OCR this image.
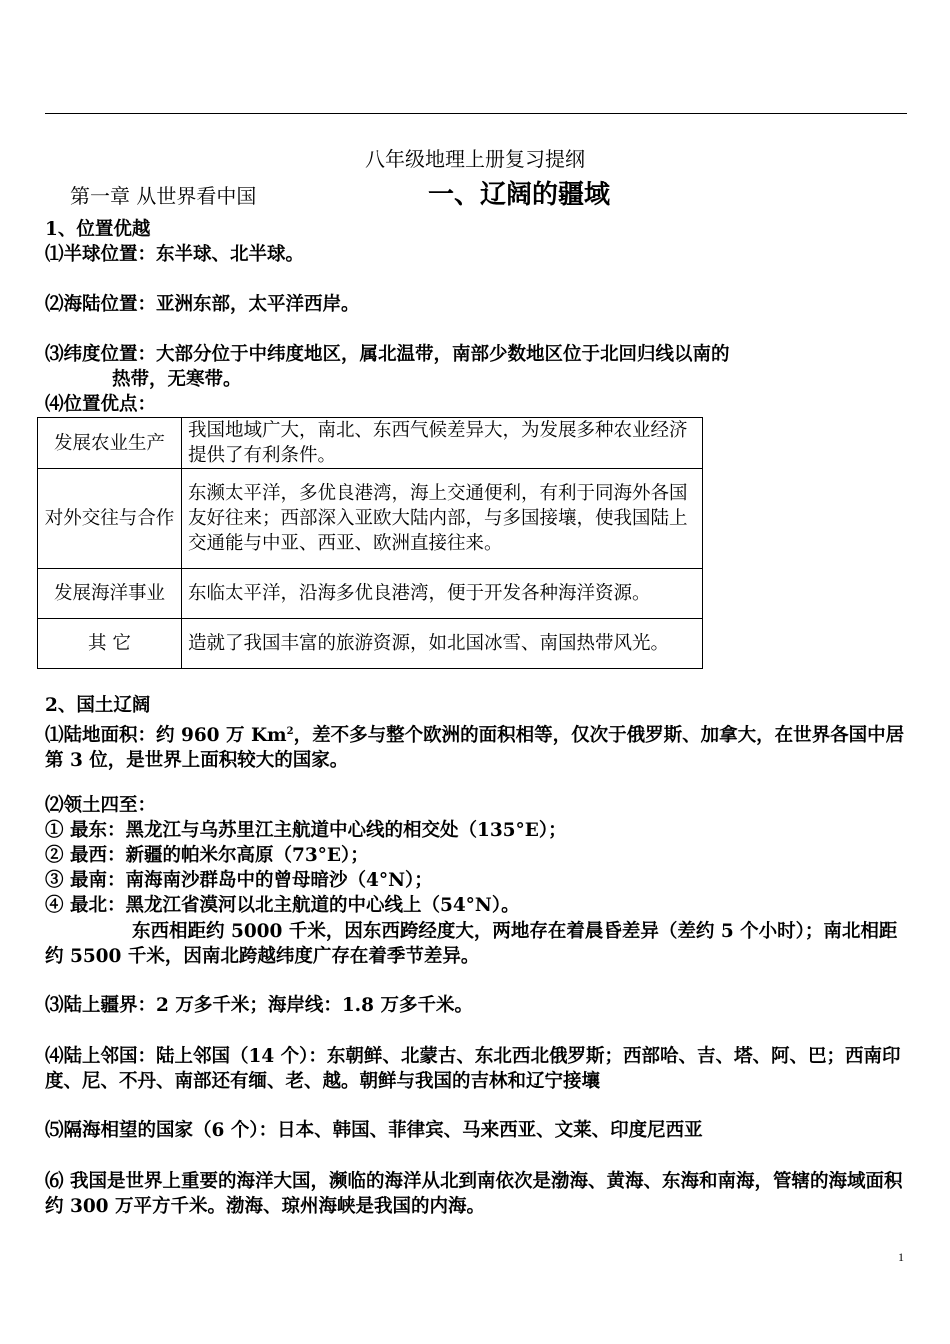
八年级地理上册复习提纲
第一章 从世界看中国	一、辽阔的疆域
1、位置优越
⑴半球位置：东半球、北半球。
⑵海陆位置：亚洲东部，太平洋西岸。
⑶纬度位置：大部分位于中纬度地区，属北温带，南部少数地区位于北回归线以南的
热带，无寒带。
⑷位置优点：
发展农业生产	我国地域广大，南北、东西气候差异大，为发展多种农业经济提供了有利条件。
对外交往与合作	东濒太平洋，多优良港湾，海上交通便利，有利于同海外各国友好往来；西部深入亚欧大陆内部，与多国接壤，使我国陆上交通能与中亚、西亚、欧洲直接往来。
发展海洋事业	东临太平洋，沿海多优良港湾，便于开发各种海洋资源。
其 它	造就了我国丰富的旅游资源，如北国冰雪、南国热带风光。
2、国土辽阔
⑴陆地面积：约 960 万 Km$^2$，差不多与整个欧洲的面积相等，仅次于俄罗斯、加拿大，在世界各国中居第 3 位，是世界上面积较大的国家。
⑵领土四至：
① 最东：黑龙江与乌苏里江主航道中心线的相交处（135°E）；
② 最西：新疆的帕米尔高原（73°E）；
③ 最南：南海南沙群岛中的曾母暗沙（4°N）；
④ 最北：黑龙江省漠河以北主航道的中心线上（54°N）。
东西相距约 5000 千米，因东西跨经度大，两地存在着晨昏差异（差约 5 个小时）；南北相距约 5500 千米，因南北跨越纬度广存在着季节差异。
⑶陆上疆界：2 万多千米；海岸线：1.8 万多千米。
⑷陆上邻国：陆上邻国（14 个）：东朝鲜、北蒙古、东北西北俄罗斯；西部哈、吉、塔、阿、巴；西南印度、尼、不丹、南部还有缅、老、越。朝鲜与我国的吉林和辽宁接壤
⑸隔海相望的国家（6 个）：日本、韩国、菲律宾、马来西亚、文莱、印度尼西亚
⑹ 我国是世界上重要的海洋大国，濒临的海洋从北到南依次是渤海、黄海、东海和南海，管辖的海域面积约 300 万平方千米。渤海、琼州海峡是我国的内海。
1
